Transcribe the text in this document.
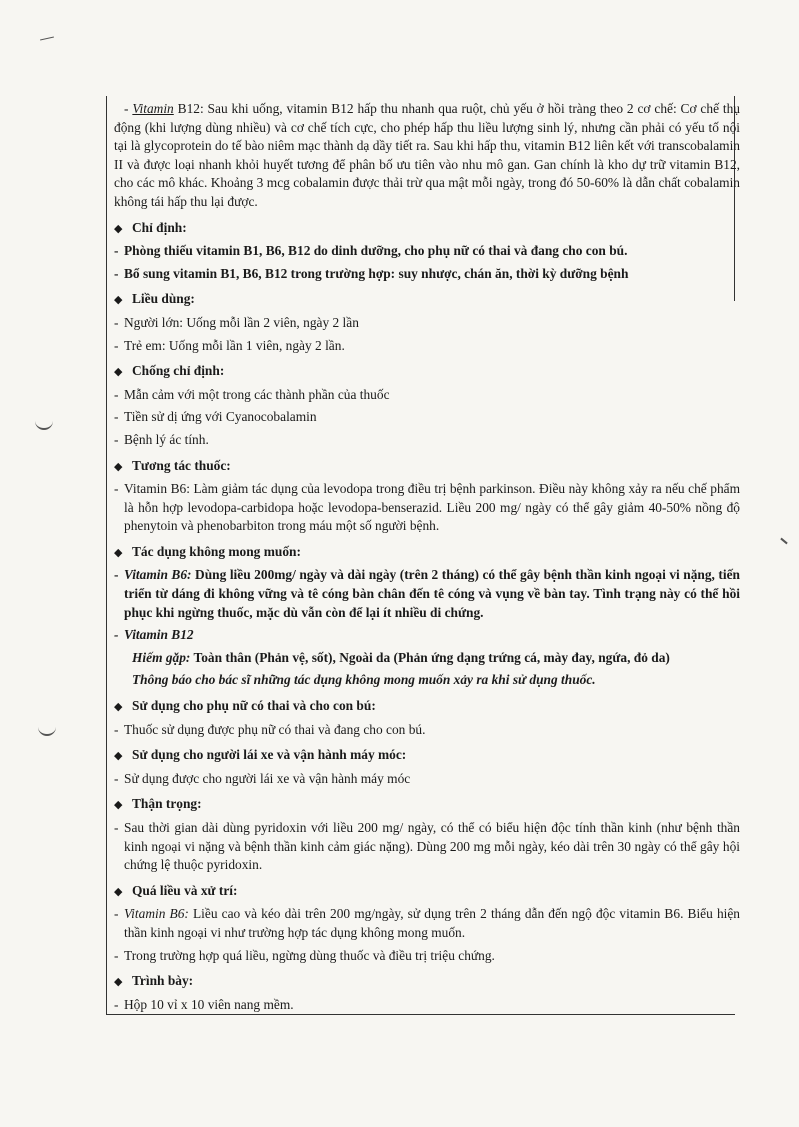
- Vitamin B12: Sau khi uống, vitamin B12 hấp thu nhanh qua ruột, chủ yếu ở hồi tràng theo 2 cơ chế: Cơ chế thụ động (khi lượng dùng nhiều) và cơ chế tích cực, cho phép hấp thu liều lượng sinh lý, nhưng cần phải có yếu tố nội tại là glycoprotein do tế bào niêm mạc thành dạ dầy tiết ra. Sau khi hấp thu, vitamin B12 liên kết với transcobalamin II và được loại nhanh khỏi huyết tương để phân bố ưu tiên vào nhu mô gan. Gan chính là kho dự trữ vitamin B12, cho các mô khác. Khoảng 3 mcg cobalamin được thải trừ qua mật mỗi ngày, trong đó 50-60% là dẫn chất cobalamin không tái hấp thu lại được.

◆ Chỉ định:
- Phòng thiếu vitamin B1, B6, B12 do dinh dưỡng, cho phụ nữ có thai và đang cho con bú.
- Bổ sung vitamin B1, B6, B12 trong trường hợp: suy nhược, chán ăn, thời kỳ dưỡng bệnh
◆ Liều dùng:
- Người lớn: Uống mỗi lần 2 viên, ngày 2 lần
- Trẻ em: Uống mỗi lần 1 viên, ngày 2 lần.
◆ Chống chỉ định:
- Mẫn cảm với một trong các thành phần của thuốc
- Tiền sử dị ứng với Cyanocobalamin
- Bệnh lý ác tính.
◆ Tương tác thuốc:
- Vitamin B6: Làm giảm tác dụng của levodopa trong điều trị bệnh parkinson. Điều này không xảy ra nếu chế phẩm là hỗn hợp levodopa-carbidopa hoặc levodopa-benserazid. Liều 200 mg/ ngày có thể gây giảm 40-50% nồng độ phenytoin và phenobarbiton trong máu một số người bệnh.
◆ Tác dụng không mong muốn:
- Vitamin B6: Dùng liều 200mg/ ngày và dài ngày (trên 2 tháng) có thể gây bệnh thần kinh ngoại vi nặng, tiến triển từ dáng đi không vững và tê cóng bàn chân đến tê cóng và vụng về bàn tay. Tình trạng này có thể hồi phục khi ngừng thuốc, mặc dù vẫn còn để lại ít nhiều di chứng.
- Vitamin B12
Hiếm gặp: Toàn thân (Phản vệ, sốt), Ngoài da (Phản ứng dạng trứng cá, mày đay, ngứa, đỏ da)
Thông báo cho bác sĩ những tác dụng không mong muốn xảy ra khi sử dụng thuốc.
◆ Sử dụng cho phụ nữ có thai và cho con bú:
- Thuốc sử dụng được phụ nữ có thai và đang cho con bú.
◆ Sử dụng cho người lái xe và vận hành máy móc:
- Sử dụng được cho người lái xe và vận hành máy móc
◆ Thận trọng:
- Sau thời gian dài dùng pyridoxin với liều 200 mg/ ngày, có thể có biểu hiện độc tính thần kinh (như bệnh thần kinh ngoại vi nặng và bệnh thần kinh cảm giác nặng). Dùng 200 mg mỗi ngày, kéo dài trên 30 ngày có thể gây hội chứng lệ thuộc pyridoxin.
◆ Quá liều và xử trí:
- Vitamin B6: Liều cao và kéo dài trên 200 mg/ngày, sử dụng trên 2 tháng dẫn đến ngộ độc vitamin B6. Biểu hiện thần kinh ngoại vi như trường hợp tác dụng không mong muốn.
- Trong trường hợp quá liều, ngừng dùng thuốc và điều trị triệu chứng.
◆ Trình bày:
- Hộp 10 vỉ x 10 viên nang mềm.
